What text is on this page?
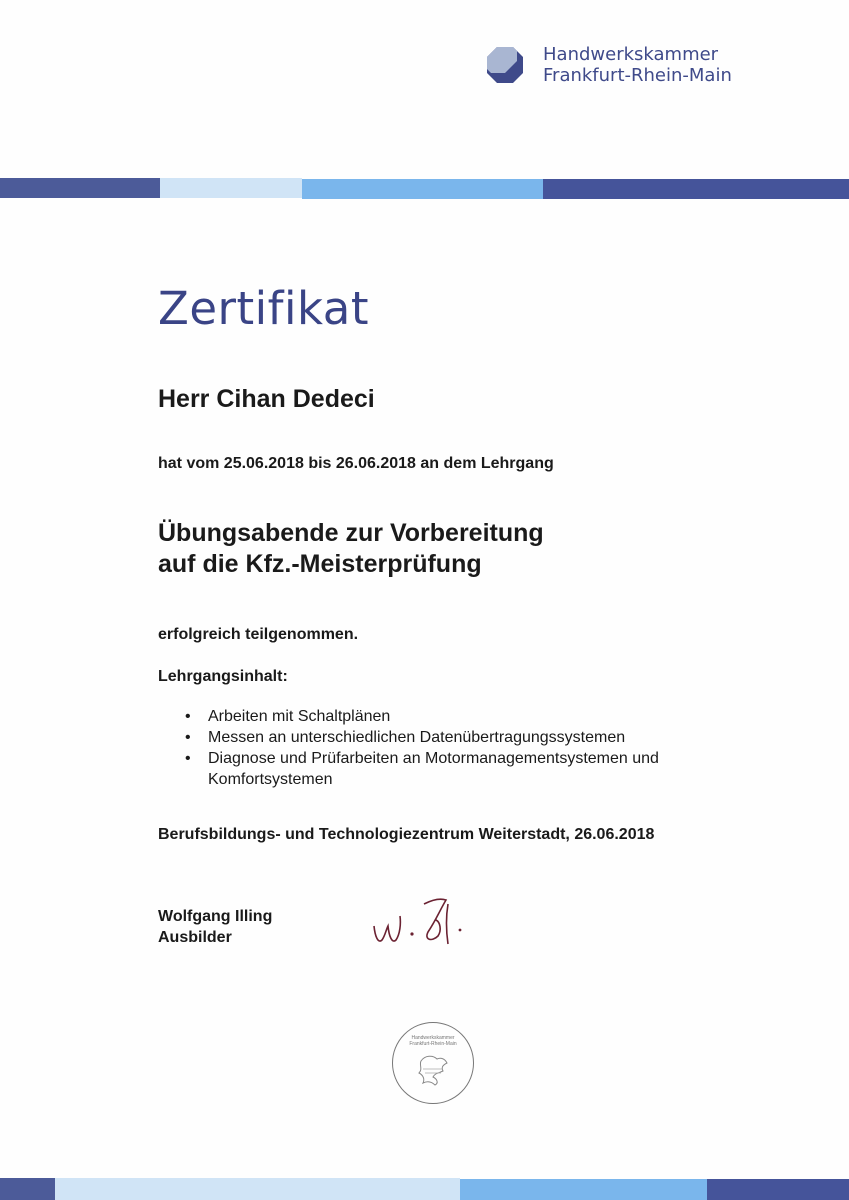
Handwerkskammer
Frankfurt-Rhein-Main
Zertifikat
Herr Cihan Dedeci
hat vom 25.06.2018 bis 26.06.2018 an dem Lehrgang
Übungsabende zur Vorbereitung
auf die Kfz.-Meisterprüfung
erfolgreich teilgenommen.
Lehrgangsinhalt:
• Arbeiten mit Schaltplänen
• Messen an unterschiedlichen Datenübertragungssystemen
• Diagnose und Prüfarbeiten an Motormanagementsystemen und Komfortsystemen
Berufsbildungs- und Technologiezentrum Weiterstadt, 26.06.2018
Wolfgang Illing
Ausbilder
Handwerkskammer
Frankfurt-Rhein-Main
